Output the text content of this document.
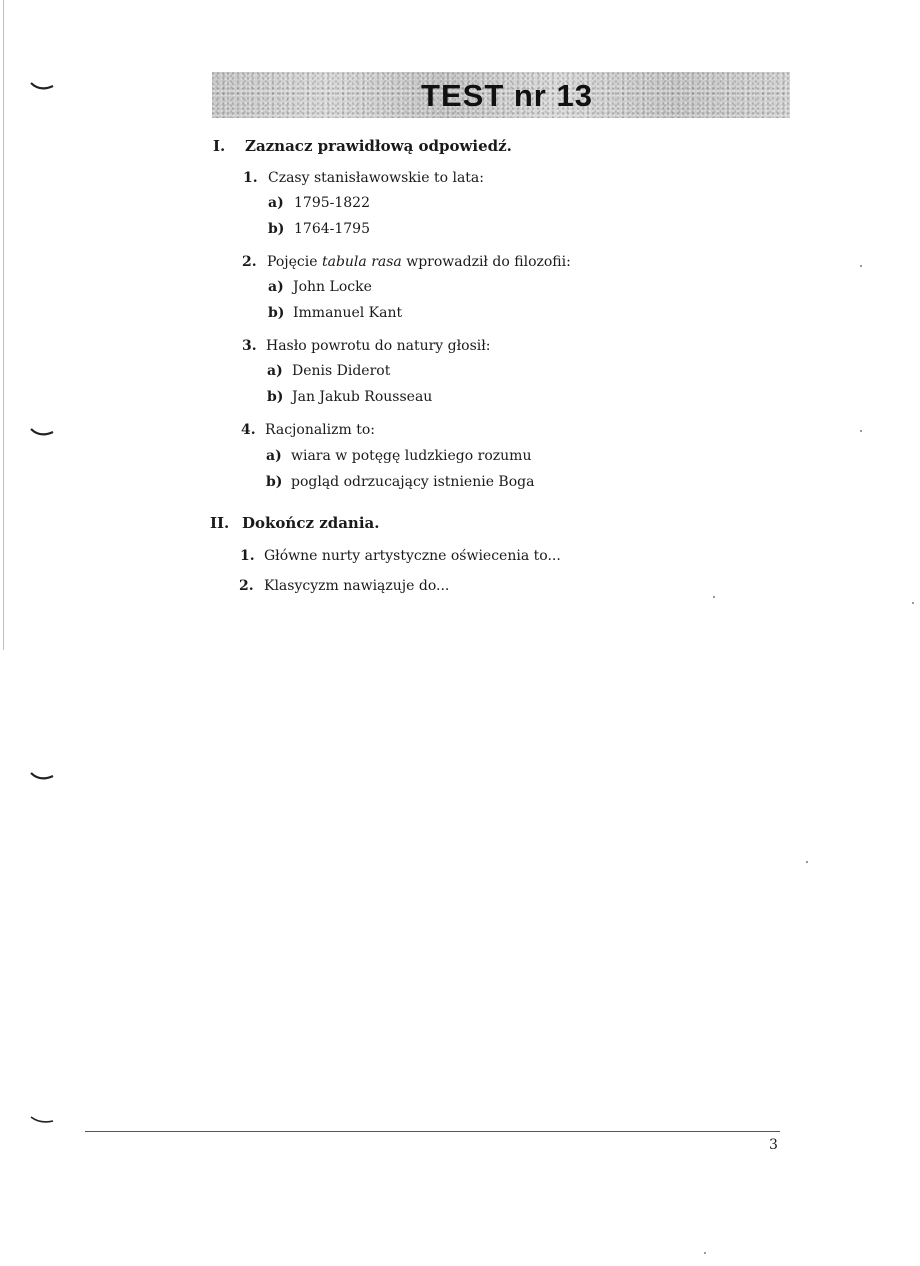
TEST nr 13
I. Zaznacz prawidłową odpowiedź.
1. Czasy stanisławowskie to lata:
a) 1795-1822
b) 1764-1795
2. Pojęcie tabula rasa wprowadził do filozofii:
a) John Locke
b) Immanuel Kant
3. Hasło powrotu do natury głosił:
a) Denis Diderot
b) Jan Jakub Rousseau
4. Racjonalizm to:
a) wiara w potęgę ludzkiego rozumu
b) pogląd odrzucający istnienie Boga
II. Dokończ zdania.
1. Główne nurty artystyczne oświecenia to...
2. Klasycyzm nawiązuje do...
3
